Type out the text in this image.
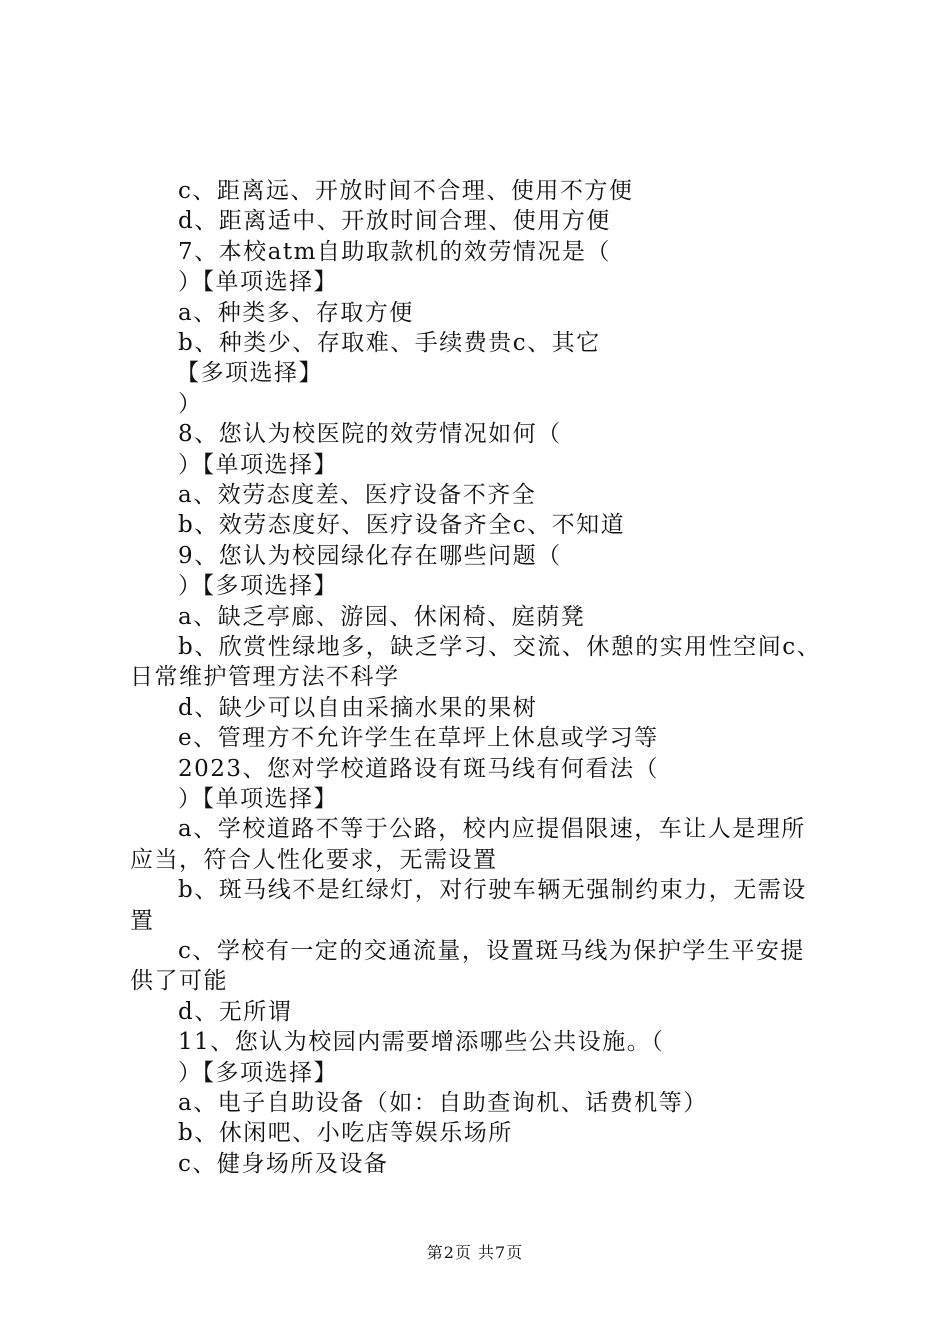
c、距离远、开放时间不合理、使用不方便
d、距离适中、开放时间合理、使用方便
7、本校atm自助取款机的效劳情况是（
）【单项选择】
a、种类多、存取方便
b、种类少、存取难、手续费贵c、其它
【多项选择】
）
8、您认为校医院的效劳情况如何（
）【单项选择】
a、效劳态度差、医疗设备不齐全
b、效劳态度好、医疗设备齐全c、不知道
9、您认为校园绿化存在哪些问题（
）【多项选择】
a、缺乏亭廊、游园、休闲椅、庭荫凳
b、欣赏性绿地多，缺乏学习、交流、休憩的实用性空间c、
日常维护管理方法不科学
d、缺少可以自由采摘水果的果树
e、管理方不允许学生在草坪上休息或学习等
2023、您对学校道路设有斑马线有何看法（
）【单项选择】
a、学校道路不等于公路，校内应提倡限速，车让人是理所
应当，符合人性化要求，无需设置
b、斑马线不是红绿灯，对行驶车辆无强制约束力，无需设
置
c、学校有一定的交通流量，设置斑马线为保护学生平安提
供了可能
d、无所谓
11、您认为校园内需要增添哪些公共设施。（
）【多项选择】
a、电子自助设备（如：自助查询机、话费机等）
b、休闲吧、小吃店等娱乐场所
c、健身场所及设备
第2页 共7页
